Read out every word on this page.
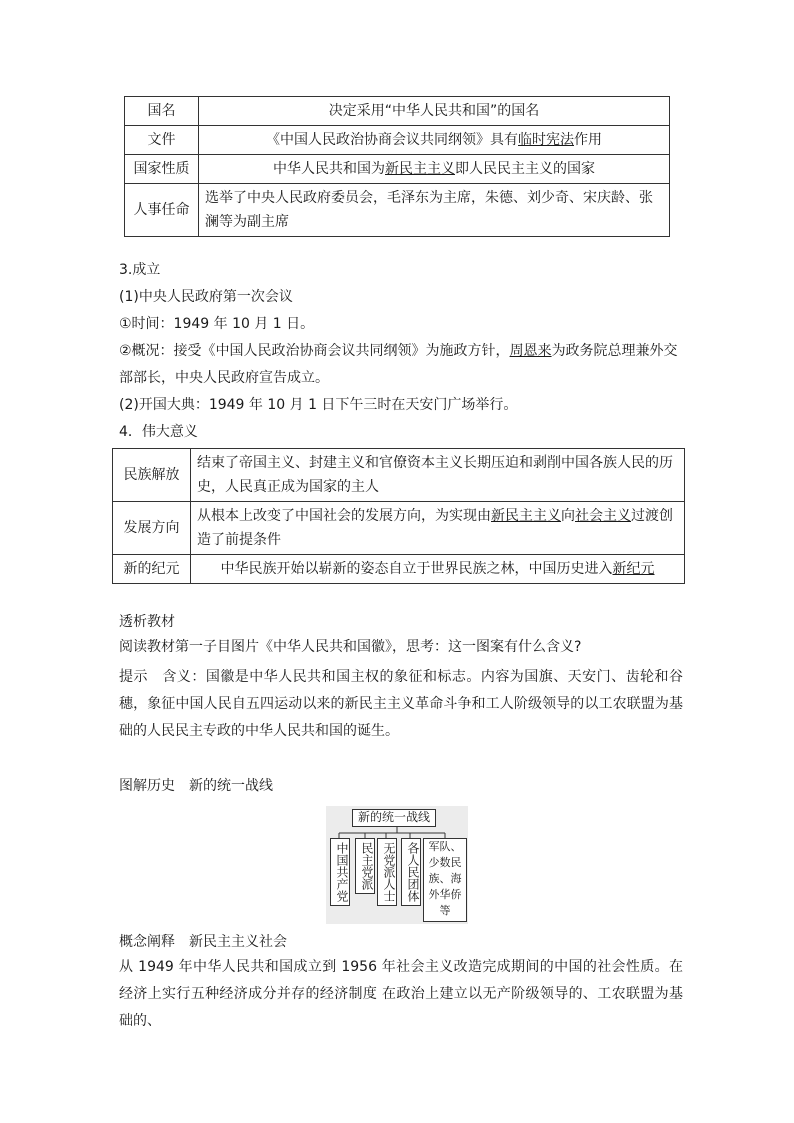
国名	决定采用“中华人民共和国”的国名
文件	《中国人民政治协商会议共同纲领》具有临时宪法作用
国家性质	中华人民共和国为新民主主义即人民民主主义的国家
人事任命	选举了中央人民政府委员会，毛泽东为主席，朱德、刘少奇、宋庆龄、张澜等为副主席
3.成立
(1)中央人民政府第一次会议
①时间：1949 年 10 月 1 日。
②概况：接受《中国人民政治协商会议共同纲领》为施政方针，周恩来为政务院总理兼外交
部部长，中央人民政府宣告成立。
(2)开国大典：1949 年 10 月 1 日下午三时在天安门广场举行。
4．伟大意义
民族解放	结束了帝国主义、封建主义和官僚资本主义长期压迫和剥削中国各族人民的历史，人民真正成为国家的主人
发展方向	从根本上改变了中国社会的发展方向，为实现由新民主主义向社会主义过渡创造了前提条件
新的纪元	中华民族开始以崭新的姿态自立于世界民族之林，中国历史进入新纪元
透析教材
阅读教材第一子目图片《中华人民共和国徽》，思考：这一图案有什么含义?
提示　含义：国徽是中华人民共和国主权的象征和标志。内容为国旗、天安门、齿轮和谷穗，象征中国人民自五四运动以来的新民主主义革命斗争和工人阶级领导的以工农联盟为基础的人民民主专政的中华人民共和国的诞生。
图解历史　新的统一战线
新的统一战线
中国共产党 民主党派 无党派人士 各人民团体 军队、少数民族、海外华侨等
概念阐释　新民主主义社会
从 1949 年中华人民共和国成立到 1956 年社会主义改造完成期间的中国的社会性质。在经济上实行五种经济成分并存的经济制度 在政治上建立以无产阶级领导的、工农联盟为基础的、
